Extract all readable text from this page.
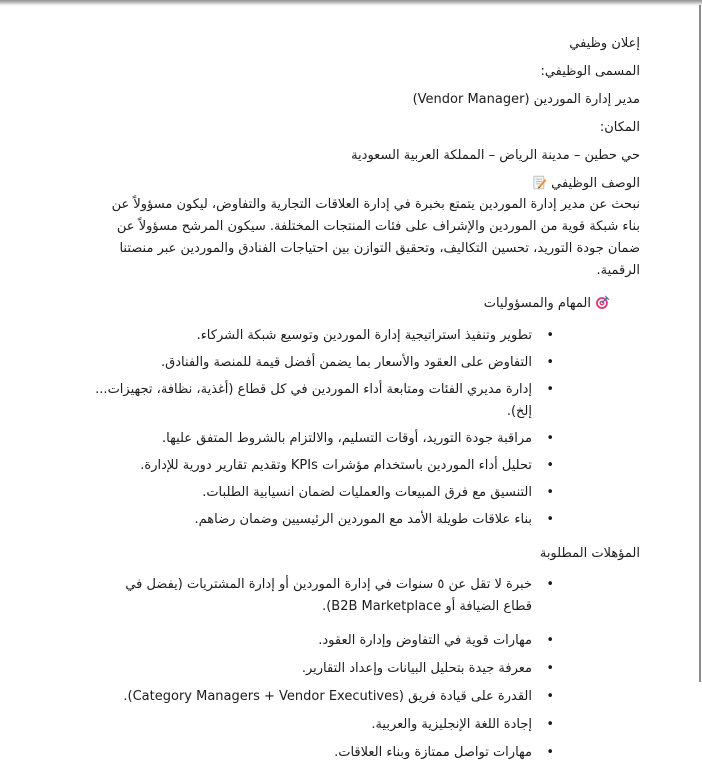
إعلان وظيفي
المسمى الوظيفي:
مدير إدارة الموردين (Vendor Manager)
المكان:
حي حطين – مدينة الرياض – المملكة العربية السعودية
الوصف الوظيفي
نبحث عن مدير إدارة الموردين يتمتع بخبرة في إدارة العلاقات التجارية والتفاوض، ليكون مسؤولاً عن بناء شبكة قوية من الموردين والإشراف على فئات المنتجات المختلفة. سيكون المرشح مسؤولاً عن ضمان جودة التوريد، تحسين التكاليف، وتحقيق التوازن بين احتياجات الفنادق والموردين عبر منصتنا الرقمية.
المهام والمسؤوليات
• تطوير وتنفيذ استراتيجية إدارة الموردين وتوسيع شبكة الشركاء.
• التفاوض على العقود والأسعار بما يضمن أفضل قيمة للمنصة والفنادق.
• إدارة مديري الفئات ومتابعة أداء الموردين في كل قطاع (أغذية، نظافة، تجهيزات... إلخ).
• مراقبة جودة التوريد، أوقات التسليم، والالتزام بالشروط المتفق عليها.
• تحليل أداء الموردين باستخدام مؤشرات KPIs وتقديم تقارير دورية للإدارة.
• التنسيق مع فرق المبيعات والعمليات لضمان انسيابية الطلبات.
• بناء علاقات طويلة الأمد مع الموردين الرئيسيين وضمان رضاهم.
المؤهلات المطلوبة
• خبرة لا تقل عن ٥ سنوات في إدارة الموردين أو إدارة المشتريات (يفضل في قطاع الضيافة أو B2B Marketplace).
• مهارات قوية في التفاوض وإدارة العقود.
• معرفة جيدة بتحليل البيانات وإعداد التقارير.
• القدرة على قيادة فريق (Category Managers + Vendor Executives).
• إجادة اللغة الإنجليزية والعربية.
• مهارات تواصل ممتازة وبناء العلاقات.
